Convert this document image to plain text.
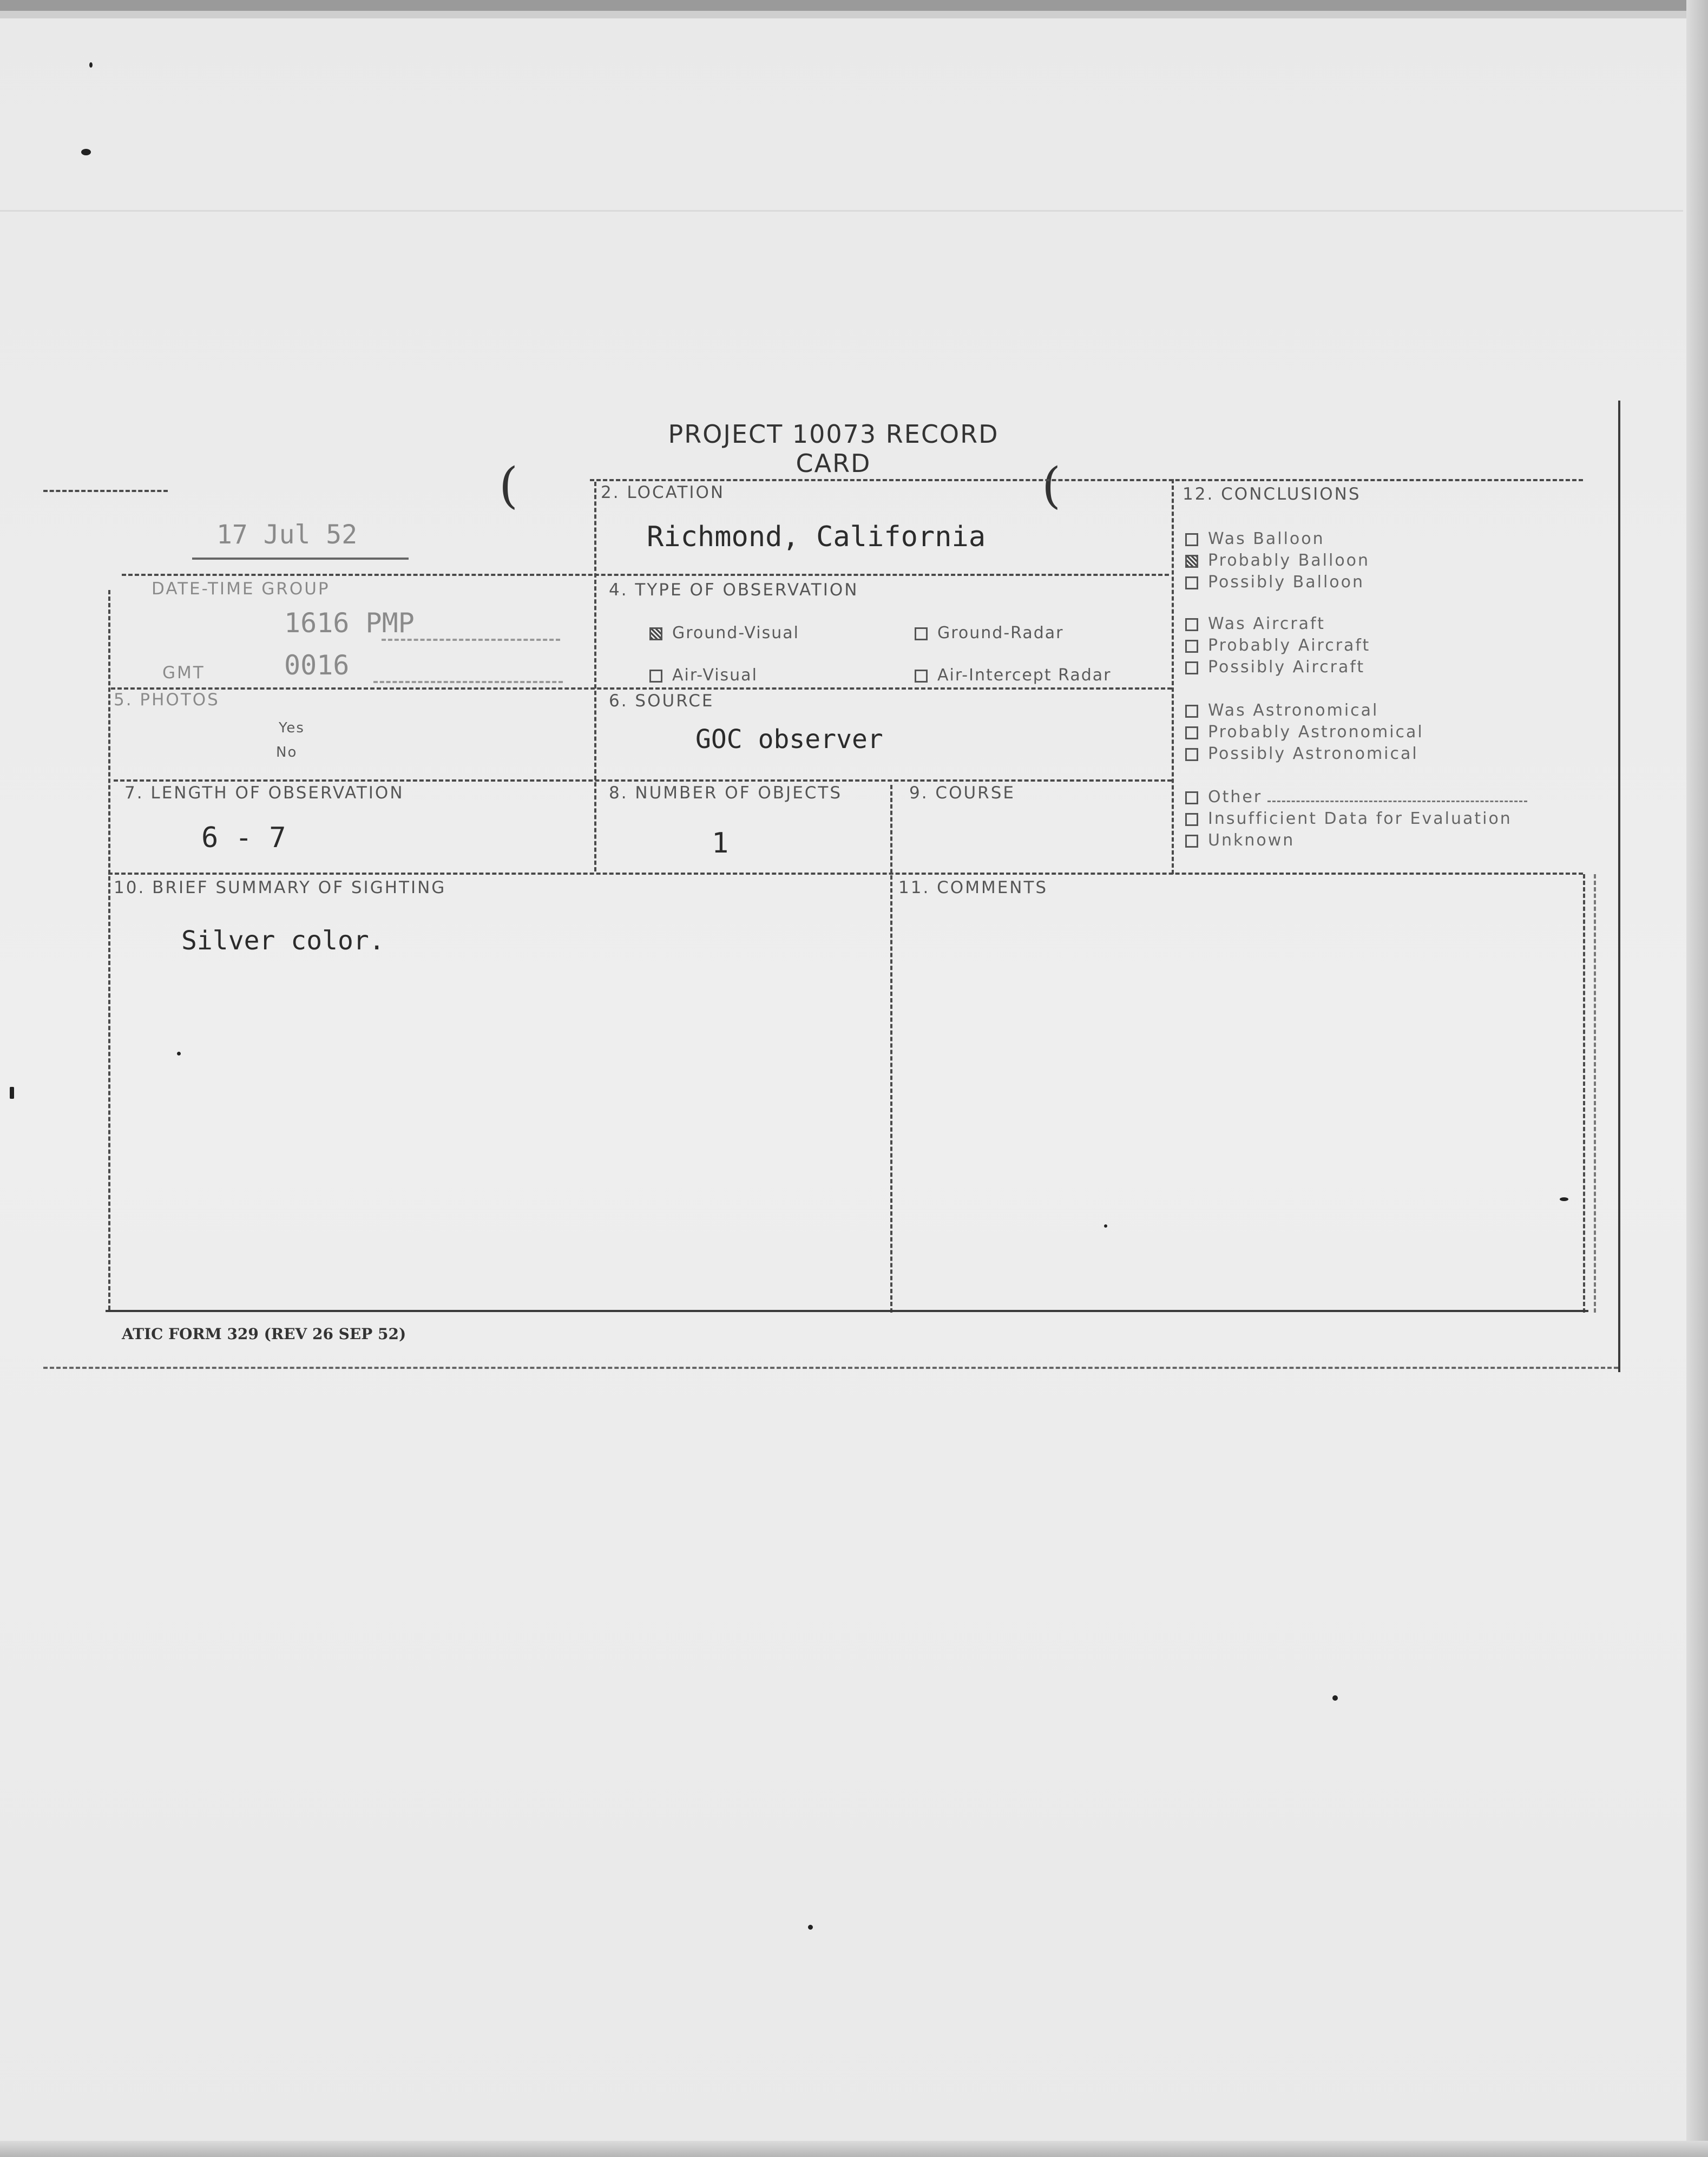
PROJECT 10073 RECORD CARD
(	(
17 Jul 52
2. LOCATION
Richmond, California
DATE-TIME GROUP
1616 PMP
GMT	0016
4. TYPE OF OBSERVATION
Ground-Visual	Ground-Radar
Air-Visual	Air-Intercept Radar
5. PHOTOS
Yes
No
6. SOURCE
GOC observer
7. LENGTH OF OBSERVATION
6 - 7
8. NUMBER OF OBJECTS
1
9. COURSE
10. BRIEF SUMMARY OF SIGHTING
Silver color.
11. COMMENTS
12. CONCLUSIONS
Was Balloon
Probably Balloon
Possibly Balloon
Was Aircraft
Probably Aircraft
Possibly Aircraft
Was Astronomical
Probably Astronomical
Possibly Astronomical
Other
Insufficient Data for Evaluation
Unknown
ATIC FORM 329 (REV 26 SEP 52)
